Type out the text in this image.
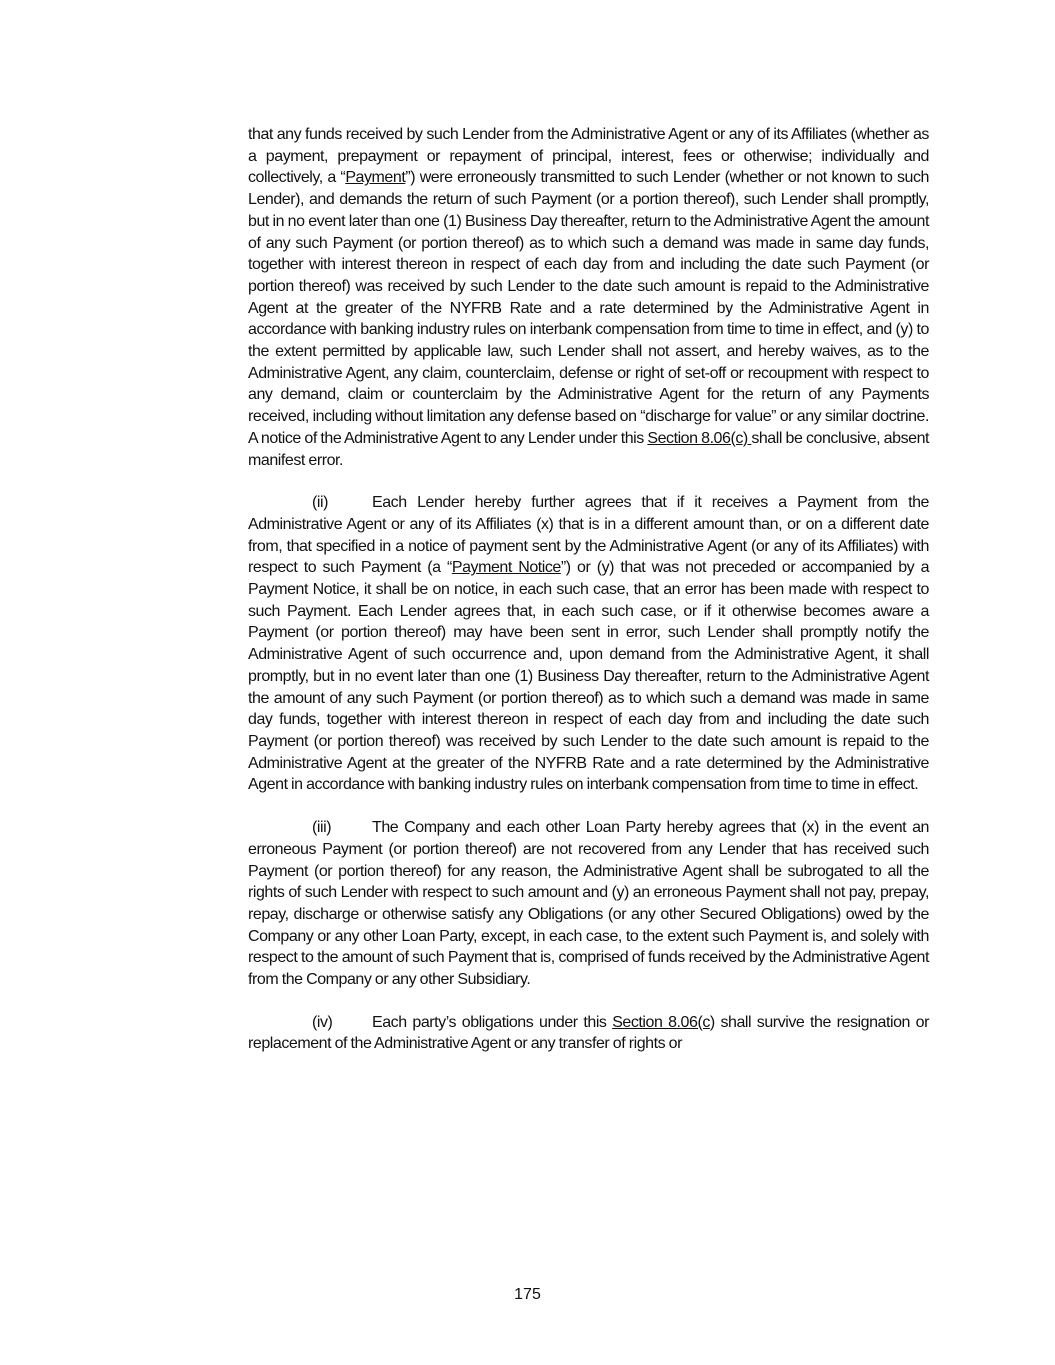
that any funds received by such Lender from the Administrative Agent or any of its Affiliates (whether as a payment, prepayment or repayment of principal, interest, fees or otherwise; individually and collectively, a “Payment”) were erroneously transmitted to such Lender (whether or not known to such Lender), and demands the return of such Payment (or a portion thereof), such Lender shall promptly, but in no event later than one (1) Business Day thereafter, return to the Administrative Agent the amount of any such Payment (or portion thereof) as to which such a demand was made in same day funds, together with interest thereon in respect of each day from and including the date such Payment (or portion thereof) was received by such Lender to the date such amount is repaid to the Administrative Agent at the greater of the NYFRB Rate and a rate determined by the Administrative Agent in accordance with banking industry rules on interbank compensation from time to time in effect, and (y) to the extent permitted by applicable law, such Lender shall not assert, and hereby waives, as to the Administrative Agent, any claim, counterclaim, defense or right of set-off or recoupment with respect to any demand, claim or counterclaim by the Administrative Agent for the return of any Payments received, including without limitation any defense based on “discharge for value” or any similar doctrine. A notice of the Administrative Agent to any Lender under this Section 8.06(c) shall be conclusive, absent manifest error.

(ii)	Each Lender hereby further agrees that if it receives a Payment from the Administrative Agent or any of its Affiliates (x) that is in a different amount than, or on a different date from, that specified in a notice of payment sent by the Administrative Agent (or any of its Affiliates) with respect to such Payment (a “Payment Notice”) or (y) that was not preceded or accompanied by a Payment Notice, it shall be on notice, in each such case, that an error has been made with respect to such Payment. Each Lender agrees that, in each such case, or if it otherwise becomes aware a Payment (or portion thereof) may have been sent in error, such Lender shall promptly notify the Administrative Agent of such occurrence and, upon demand from the Administrative Agent, it shall promptly, but in no event later than one (1) Business Day thereafter, return to the Administrative Agent the amount of any such Payment (or portion thereof) as to which such a demand was made in same day funds, together with interest thereon in respect of each day from and including the date such Payment (or portion thereof) was received by such Lender to the date such amount is repaid to the Administrative Agent at the greater of the NYFRB Rate and a rate determined by the Administrative Agent in accordance with banking industry rules on interbank compensation from time to time in effect.

(iii)	The Company and each other Loan Party hereby agrees that (x) in the event an erroneous Payment (or portion thereof) are not recovered from any Lender that has received such Payment (or portion thereof) for any reason, the Administrative Agent shall be subrogated to all the rights of such Lender with respect to such amount and (y) an erroneous Payment shall not pay, prepay, repay, discharge or otherwise satisfy any Obligations (or any other Secured Obligations) owed by the Company or any other Loan Party, except, in each case, to the extent such Payment is, and solely with respect to the amount of such Payment that is, comprised of funds received by the Administrative Agent from the Company or any other Subsidiary.

(iv) Each party’s obligations under this Section 8.06(c) shall survive the resignation or replacement of the Administrative Agent or any transfer of rights or

175
